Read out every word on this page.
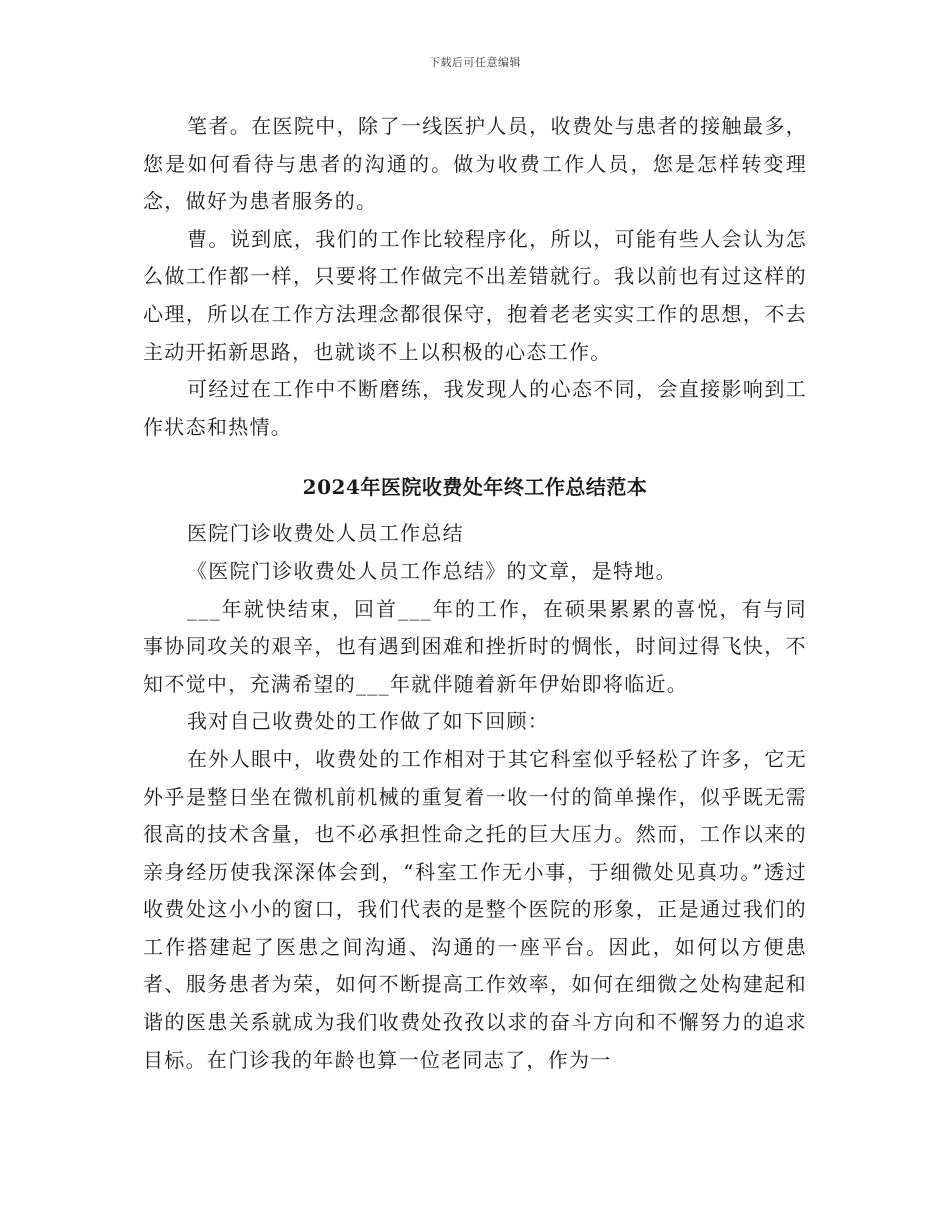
下载后可任意编辑

笔者。在医院中，除了一线医护人员，收费处与患者的接触最多，您是如何看待与患者的沟通的。做为收费工作人员，您是怎样转变理念，做好为患者服务的。

曹。说到底，我们的工作比较程序化，所以，可能有些人会认为怎么做工作都一样，只要将工作做完不出差错就行。我以前也有过这样的心理，所以在工作方法理念都很保守，抱着老老实实工作的思想，不去主动开拓新思路，也就谈不上以积极的心态工作。

可经过在工作中不断磨练，我发现人的心态不同，会直接影响到工作状态和热情。

2024年医院收费处年终工作总结范本

医院门诊收费处人员工作总结

《医院门诊收费处人员工作总结》的文章，是特地。

___年就快结束，回首___年的工作，在硕果累累的喜悦，有与同事协同攻关的艰辛，也有遇到困难和挫折时的惆怅，时间过得飞快，不知不觉中，充满希望的___年就伴随着新年伊始即将临近。

我对自己收费处的工作做了如下回顾：

在外人眼中，收费处的工作相对于其它科室似乎轻松了许多，它无外乎是整日坐在微机前机械的重复着一收一付的简单操作，似乎既无需很高的技术含量，也不必承担性命之托的巨大压力。然而，工作以来的亲身经历使我深深体会到，“科室工作无小事，于细微处见真功。”透过收费处这小小的窗口，我们代表的是整个医院的形象，正是通过我们的工作搭建起了医患之间沟通、沟通的一座平台。因此，如何以方便患者、服务患者为荣，如何不断提高工作效率，如何在细微之处构建起和谐的医患关系就成为我们收费处孜孜以求的奋斗方向和不懈努力的追求目标。在门诊我的年龄也算一位老同志了，作为一
